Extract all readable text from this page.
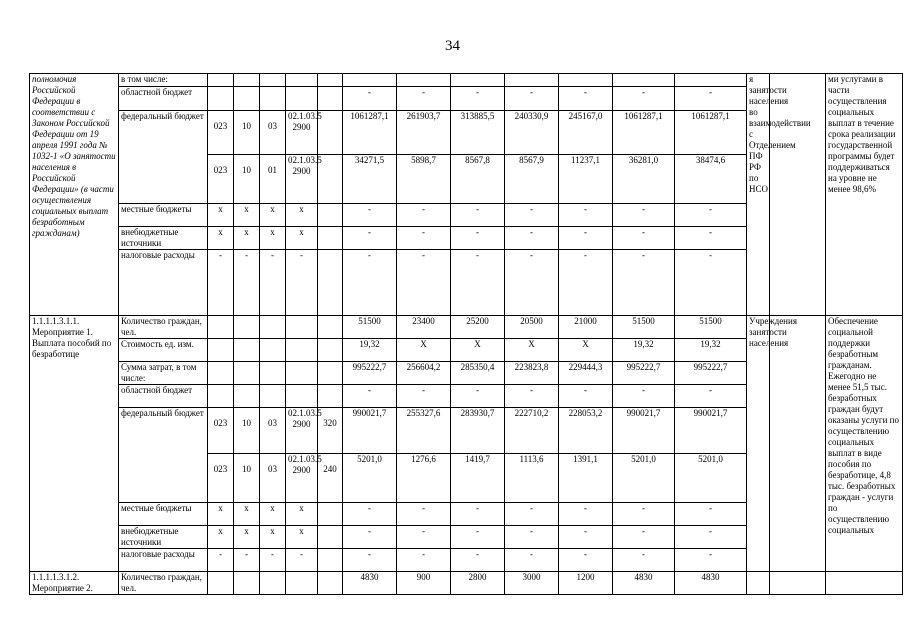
34
полномочия Российской Федерации в соответствии с Законом Российской Федерации от 19 апреля 1991 года № 1032-1 «О занятости населения в Российской Федерации» (в части осуществления социальных выплат безработным гражданам)	в том числе:													я занятости населения во взаимодействии с Отделением ПФ РФ по НСО		ми услугами в части осуществления социальных выплат в течение срока реализации государственной программы будет поддерживаться на уровне не менее 98,6%
	областной бюджет						-	-	-	-	-	-	-			
	федеральный бюджет	023	10	03	02.1.03.5 2900		1061287,1	261903,7	313885,5	240330,9	245167,0	1061287,1	1061287,1			
		023	10	01	02.1.03.5 2900		34271,5	5898,7	8567,8	8567,9	11237,1	36281,0	38474,6			
	местные бюджеты	х	х	х	х		-	-	-	-	-	-	-			
	внебюджетные источники	х	х	х	х		-	-	-	-	-	-	-			
	налоговые расходы	-	-	-	-		-	-	-	-	-	-	-			

1.1.1.1.3.1.1.
Мероприятие 1. Выплата пособий по безработице	Количество граждан, чел.						51500	23400	25200	20500	21000	51500	51500	Учреждения занятости населения		Обеспечение социальной поддержки безработным гражданам. Ежегодно не менее 51,5 тыс. безработных граждан будут оказаны услуги по осуществлению социальных выплат в виде пособия по безработице, 4,8 тыс. безработных граждан - услуги по осуществлению социальных
	Стоимость ед. изм.						19,32	Х	Х	Х	Х	19,32	19,32			
	Сумма затрат, в том числе:						995222,7	256604,2	285350,4	223823,8	229444,3	995222,7	995222,7			
	областной бюджет						-	-	-	-	-	-	-			
	федеральный бюджет	023	10	03	02.1.03.5 2900	320	990021,7	255327,6	283930,7	222710,2	228053,2	990021,7	990021,7			
		023	10	03	02.1.03.5 2900	240	5201,0	1276,6	1419,7	1113,6	1391,1	5201,0	5201,0			
	местные бюджеты	х	х	х	х		-	-	-	-	-	-	-			
	внебюджетные источники	х	х	х	х		-	-	-	-	-	-	-			
	налоговые расходы	-	-	-	-		-	-	-	-	-	-	-			

1.1.1.1.3.1.2.
Мероприятие 2.	Количество граждан, чел.						4830	900	2800	3000	1200	4830	4830			
